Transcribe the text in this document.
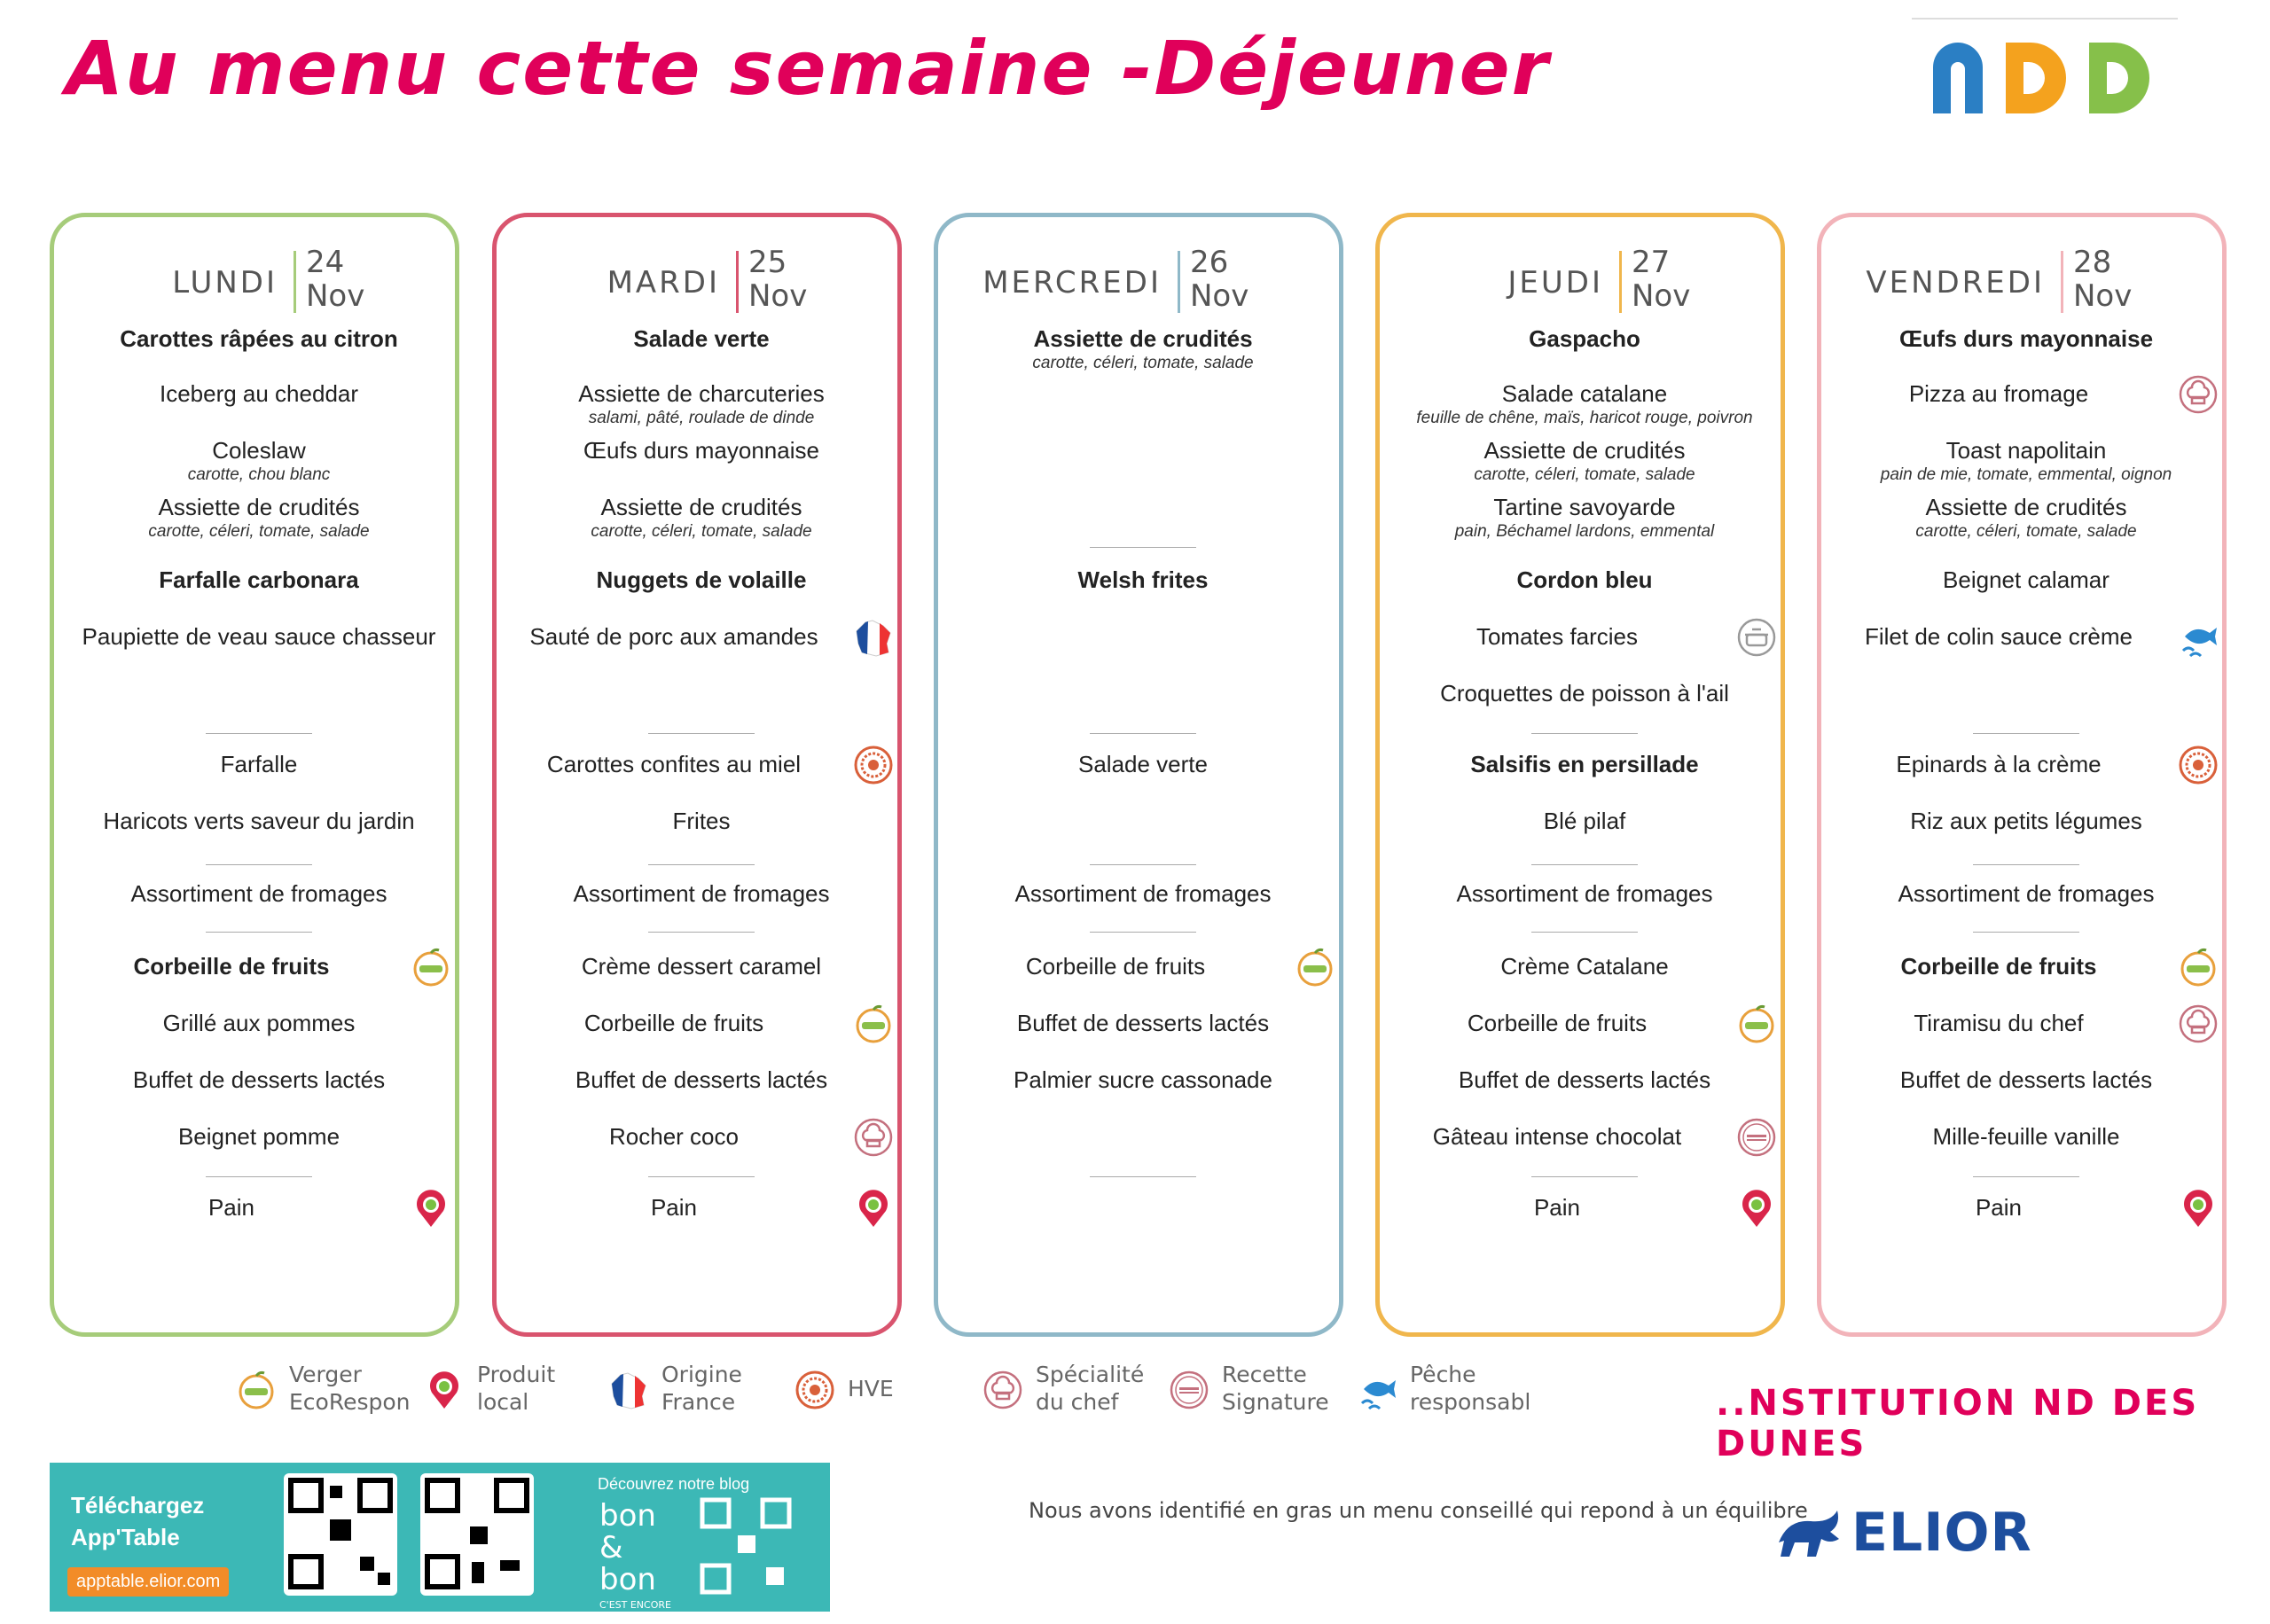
Au menu cette semaine -Déjeuner
LUNDI
24
Nov
Carottes râpées au citron
Iceberg au cheddar
Coleslaw
carotte, chou blanc
Assiette de crudités
carotte, céleri, tomate, salade
Farfalle carbonara
Paupiette de veau sauce chasseur
Farfalle
Haricots verts saveur du jardin
Assortiment de fromages
Corbeille de fruits
Grillé aux pommes
Buffet de desserts lactés
Beignet pomme
Pain
MARDI
25
Nov
Salade verte
Assiette de charcuteries
salami, pâté, roulade de dinde
Œufs durs mayonnaise
Assiette de crudités
carotte, céleri, tomate, salade
Nuggets de volaille
Sauté de porc aux amandes
Carottes confites au miel
Frites
Assortiment de fromages
Crème dessert caramel
Corbeille de fruits
Buffet de desserts lactés
Rocher coco
Pain
MERCREDI
26
Nov
Assiette de crudités
carotte, céleri, tomate, salade
Welsh frites
Salade verte
Assortiment de fromages
Corbeille de fruits
Buffet de desserts lactés
Palmier sucre cassonade
JEUDI
27
Nov
Gaspacho
Salade catalane
feuille de chêne, maïs, haricot rouge, poivron
Assiette de crudités
carotte, céleri, tomate, salade
Tartine savoyarde
pain, Béchamel lardons, emmental
Cordon bleu
Tomates farcies
Croquettes de poisson à l'ail
Salsifis en persillade
Blé pilaf
Assortiment de fromages
Crème Catalane
Corbeille de fruits
Buffet de desserts lactés
Gâteau intense chocolat
Pain
VENDREDI
28
Nov
Œufs durs mayonnaise
Pizza au fromage
Toast napolitain
pain de mie, tomate, emmental, oignon
Assiette de crudités
carotte, céleri, tomate, salade
Beignet calamar
Filet de colin sauce crème
Epinards à la crème
Riz aux petits légumes
Assortiment de fromages
Corbeille de fruits
Tiramisu du chef
Buffet de desserts lactés
Mille-feuille vanille
Pain
Verger
EcoRespon
Produit
local
Origine
France
HVE
Spécialité
du chef
Recette
Signature
Pêche
responsabl	..NSTITUTION ND DES DUNES
Téléchargez
App'Table
apptable.elior.com
Découvrez notre blog
bon & bon
C'EST ENCORE MIEUX
Nous avons identifié en gras un menu conseillé qui repond à un équilibre ELIOR
